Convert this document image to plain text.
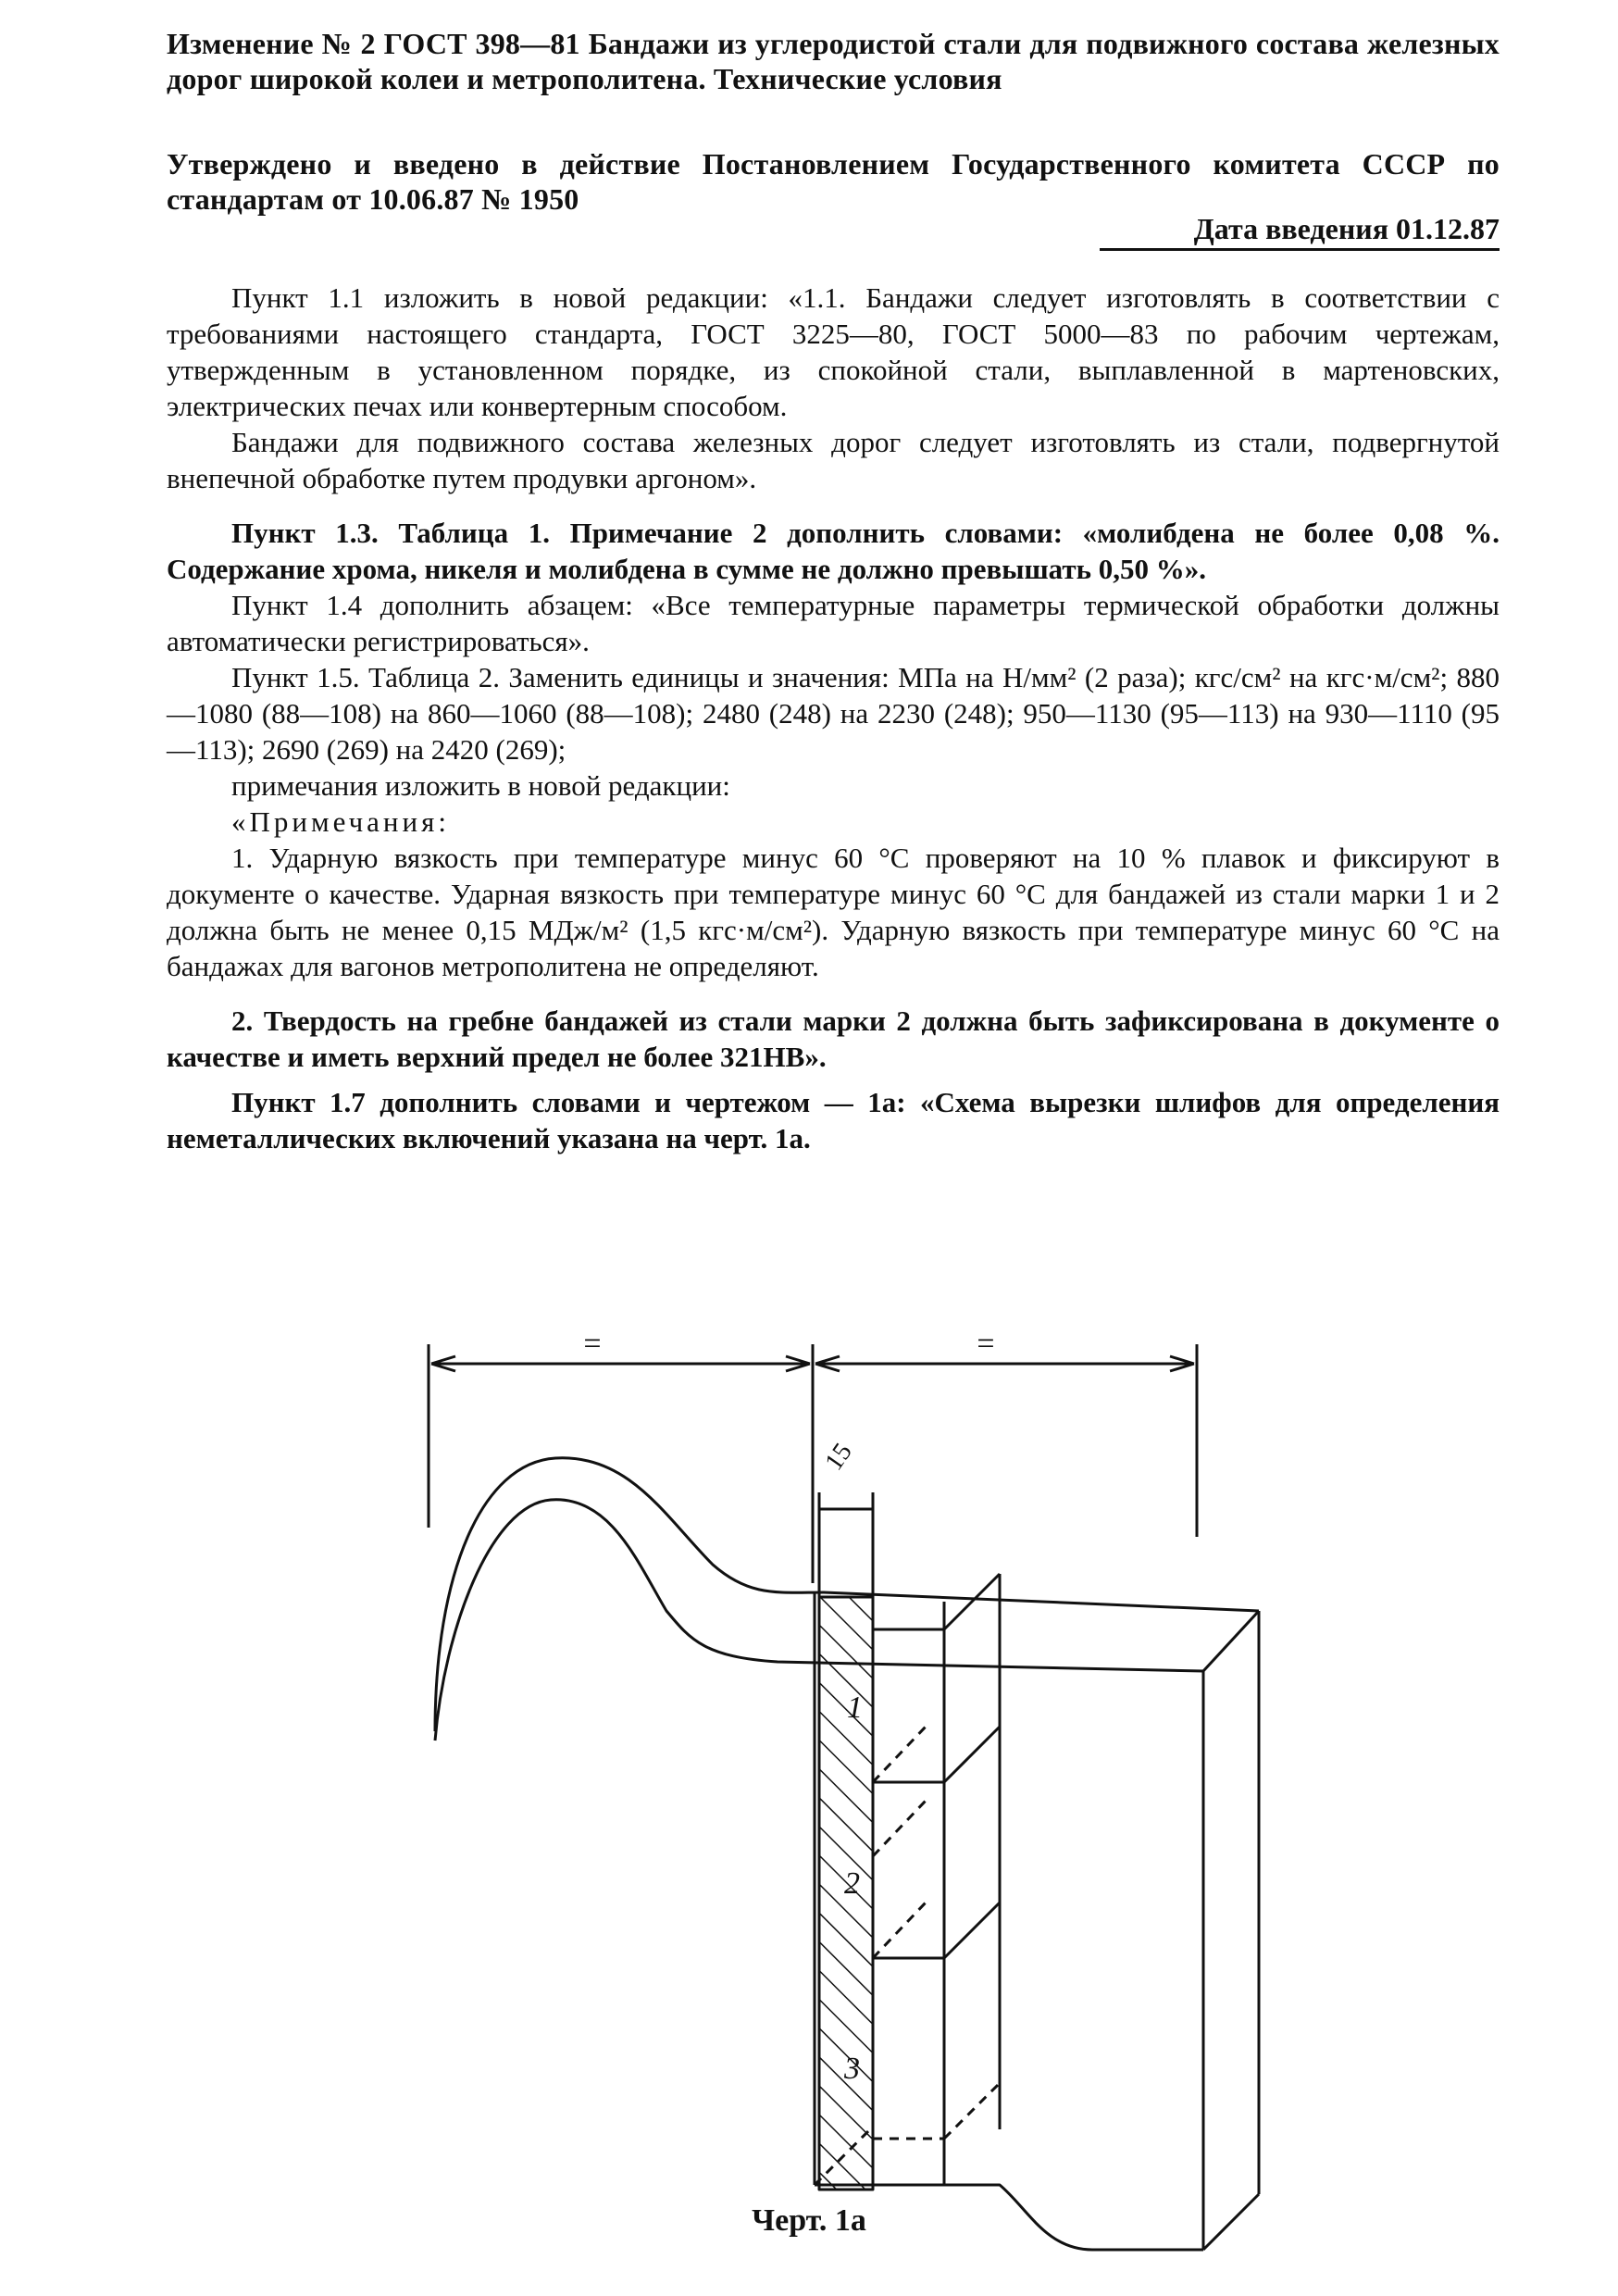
Изменение № 2 ГОСТ 398—81 Бандажи из углеродистой стали для подвижного состава железных дорог широкой колеи и метрополитена. Технические условия
Утверждено и введено в действие Постановлением Государственного комитета СССР по стандартам от 10.06.87 № 1950
Дата введения 01.12.87

Пункт 1.1 изложить в новой редакции: «1.1. Бандажи следует изготовлять в соответствии с требованиями настоящего стандарта, ГОСТ 3225—80, ГОСТ 5000—83 по рабочим чертежам, утвержденным в установленном порядке, из спокойной стали, выплавленной в мартеновских, электрических печах или конвертерным способом.

Бандажи для подвижного состава железных дорог следует изготовлять из стали, подвергнутой внепечной обработке путем продувки аргоном».

Пункт 1.3. Таблица 1. Примечание 2 дополнить словами: «молибдена не более 0,08 %. Содержание хрома, никеля и молибдена в сумме не должно превышать 0,50 %».

Пункт 1.4 дополнить абзацем: «Все температурные параметры термической обработки должны автоматически регистрироваться».

Пункт 1.5. Таблица 2. Заменить единицы и значения: МПа на Н/мм² (2 раза); кгс/см² на кгс·м/см²; 880—1080 (88—108) на 860—1060 (88—108); 2480 (248) на 2230 (248); 950—1130 (95—113) на 930—1110 (95—113); 2690 (269) на 2420 (269);

примечания изложить в новой редакции:

«Примечания:

1. Ударную вязкость при температуре минус 60 °С проверяют на 10 % плавок и фиксируют в документе о качестве. Ударная вязкость при температуре минус 60 °С для бандажей из стали марки 1 и 2 должна быть не менее 0,15 МДж/м² (1,5 кгс·м/см²). Ударную вязкость при температуре минус 60 °С на бандажах для вагонов метрополитена не определяют.

2. Твердость на гребне бандажей из стали марки 2 должна быть зафиксирована в документе о качестве и иметь верхний предел не более 321НВ».

Пункт 1.7 дополнить словами и чертежом — 1а: «Схема вырезки шлифов для определения неметаллических включений указана на черт. 1а.

=	=
15
1
2
3
Черт. 1а
